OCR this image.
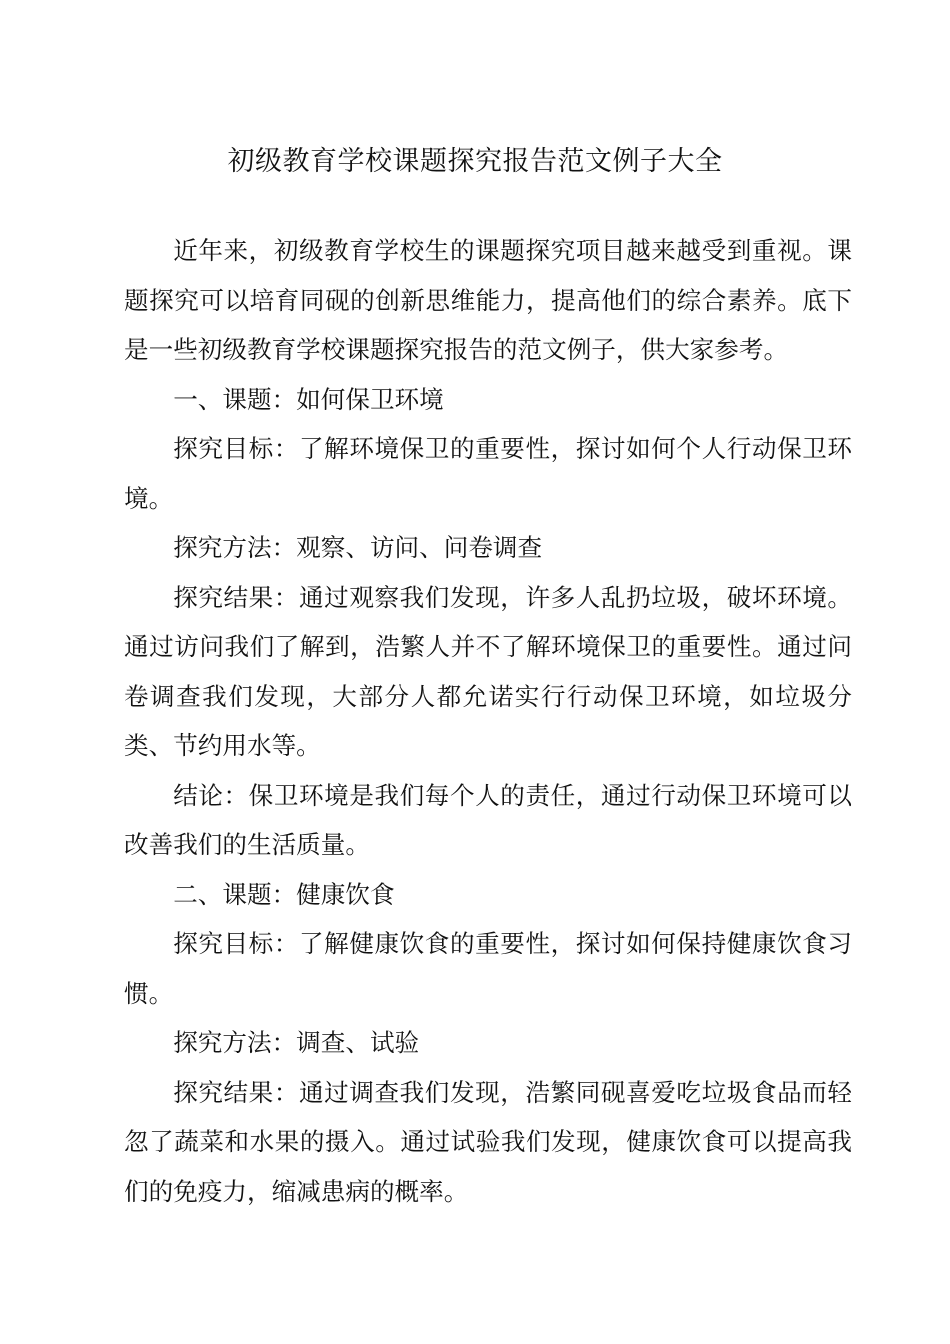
初级教育学校课题探究报告范文例子大全

近年来，初级教育学校生的课题探究项目越来越受到重视。课题探究可以培育同砚的创新思维能力，提高他们的综合素养。底下是一些初级教育学校课题探究报告的范文例子，供大家参考。

一、课题：如何保卫环境

探究目标：了解环境保卫的重要性，探讨如何个人行动保卫环境。

探究方法：观察、访问、问卷调查

探究结果：通过观察我们发现，许多人乱扔垃圾，破坏环境。通过访问我们了解到，浩繁人并不了解环境保卫的重要性。通过问卷调查我们发现，大部分人都允诺实行行动保卫环境，如垃圾分类、节约用水等。

结论：保卫环境是我们每个人的责任，通过行动保卫环境可以改善我们的生活质量。

二、课题：健康饮食

探究目标：了解健康饮食的重要性，探讨如何保持健康饮食习惯。

探究方法：调查、试验

探究结果：通过调查我们发现，浩繁同砚喜爱吃垃圾食品而轻忽了蔬菜和水果的摄入。通过试验我们发现，健康饮食可以提高我们的免疫力，缩减患病的概率。
